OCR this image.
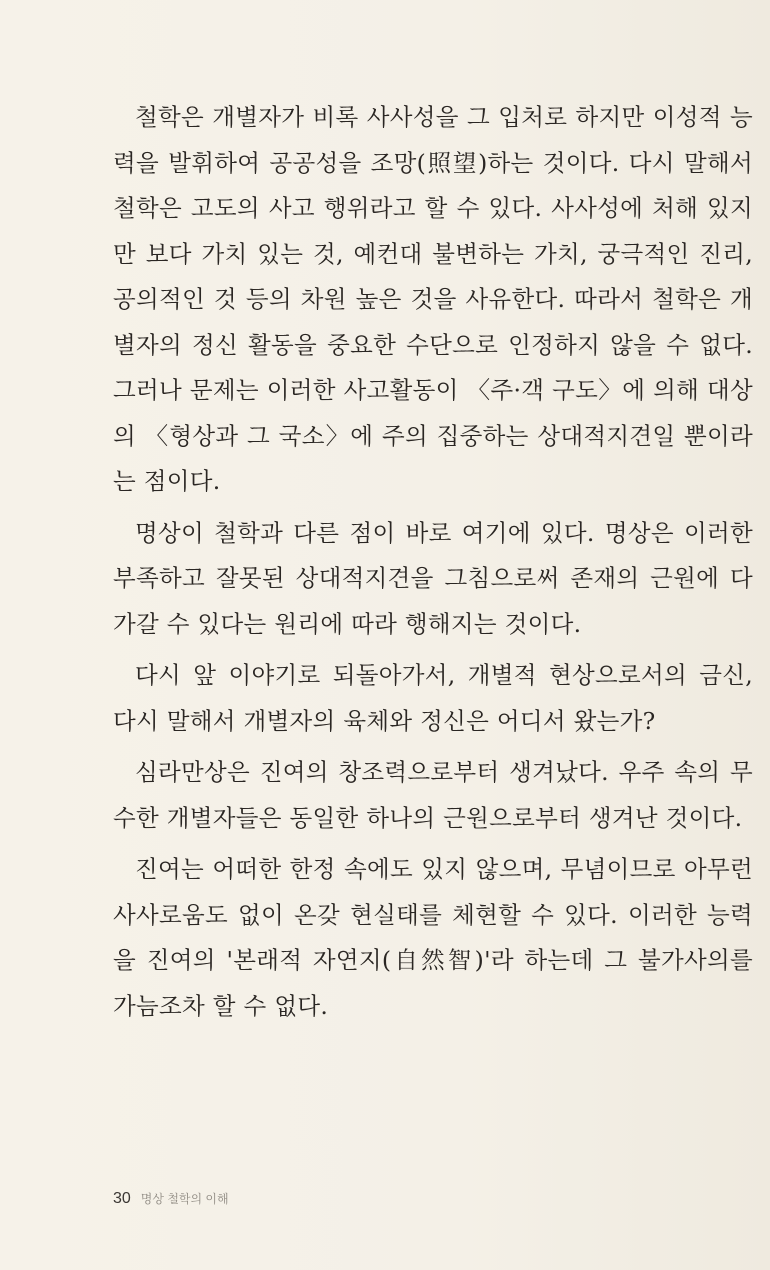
철학은 개별자가 비록 사사성을 그 입처로 하지만 이성적 능력을 발휘하여 공공성을 조망(照望)하는 것이다. 다시 말해서 철학은 고도의 사고 행위라고 할 수 있다. 사사성에 처해 있지만 보다 가치 있는 것, 예컨대 불변하는 가치, 궁극적인 진리, 공의적인 것 등의 차원 높은 것을 사유한다. 따라서 철학은 개별자의 정신 활동을 중요한 수단으로 인정하지 않을 수 없다. 그러나 문제는 이러한 사고활동이 〈주·객 구도〉에 의해 대상의 〈형상과 그 국소〉에 주의 집중하는 상대적지견일 뿐이라는 점이다.

명상이 철학과 다른 점이 바로 여기에 있다. 명상은 이러한 부족하고 잘못된 상대적지견을 그침으로써 존재의 근원에 다가갈 수 있다는 원리에 따라 행해지는 것이다.

다시 앞 이야기로 되돌아가서, 개별적 현상으로서의 금신, 다시 말해서 개별자의 육체와 정신은 어디서 왔는가?

심라만상은 진여의 창조력으로부터 생겨났다. 우주 속의 무수한 개별자들은 동일한 하나의 근원으로부터 생겨난 것이다.

진여는 어떠한 한정 속에도 있지 않으며, 무념이므로 아무런 사사로움도 없이 온갖 현실태를 체현할 수 있다. 이러한 능력을 진여의 '본래적 자연지(自然智)'라 하는데 그 불가사의를 가늠조차 할 수 없다.

30 명상 철학의 이해
